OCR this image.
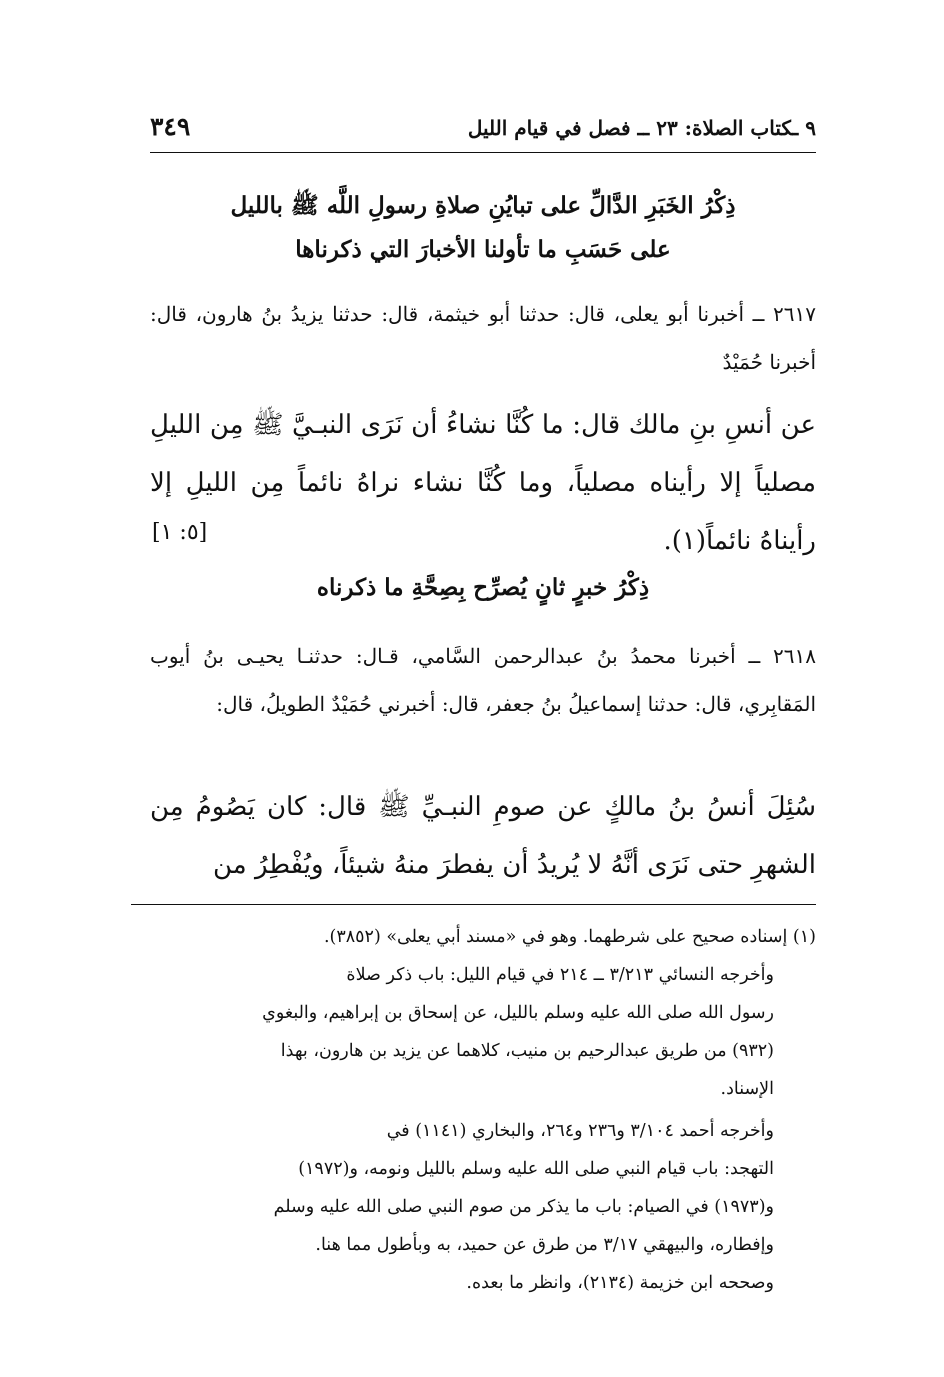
٩ ـكتاب الصلاة: ٢٣ ــ فصل في قيام الليل
٣٤٩
ذِكْرُ الخَبَرِ الدَّالِّ على تبايُنِ صلاةِ رسولِ اللَّه ﷺ بالليل
على حَسَبِ ما تأولنا الأخبارَ التي ذكرناها
٢٦١٧ ــ أخبرنا أبو يعلى، قال: حدثنا أبو خيثمة، قال: حدثنا يزيدُ بنُ هارون، قال: أخبرنا حُمَيْدٌ
عن أنسِ بنِ مالك قال: ما كُنَّا نشاءُ أن نَرَى النبـيَّ ﷺ مِن الليلِ مصلياً إلا رأيناه مصلياً، وما كُنَّا نشاء نراهُ نائماً مِن الليلِ إلا رأيناهُ نائماً(١).
[٥: ١]
ذِكْرُ خبرٍ ثانٍ يُصرِّح بِصِحَّةِ ما ذكرناه
٢٦١٨ ــ أخبرنا محمدُ بنُ عبدالرحمن السَّامي، قـال: حدثنـا يحيـى بنُ أيوب المَقابِري، قال: حدثنا إسماعيلُ بنُ جعفر، قال: أخبرني حُمَيْدٌ الطويلُ، قال:
سُئِلَ أنسُ بنُ مالكٍ عن صومِ النبـيِّ ﷺ قال: كان يَصُومُ مِن الشهرِ حتى نَرَى أنَّهُ لا يُريدُ أن يفطرَ منهُ شيئاً، ويُفْطِرُ من
(١) إسناده صحيح على شرطهما. وهو في «مسند أبي يعلى» (٣٨٥٢).
وأخرجه النسائي ٣/٢١٣ ــ ٢١٤ في قيام الليل: باب ذكر صلاة
رسول الله صلى الله عليه وسلم بالليل، عن إسحاق بن إبراهيم، والبغوي
(٩٣٢) من طريق عبدالرحيم بن منيب، كلاهما عن يزيد بن هارون، بهذا
الإسناد.
وأخرجه أحمد ٣/١٠٤ و٢٣٦ و٢٦٤، والبخاري (١١٤١) في
التهجد: باب قيام النبي صلى الله عليه وسلم بالليل ونومه، و(١٩٧٢)
و(١٩٧٣) في الصيام: باب ما يذكر من صوم النبي صلى الله عليه وسلم
وإفطاره، والبيهقي ٣/١٧ من طرق عن حميد، به وبأطول مما هنا.
وصححه ابن خزيمة (٢١٣٤)، وانظر ما بعده.
